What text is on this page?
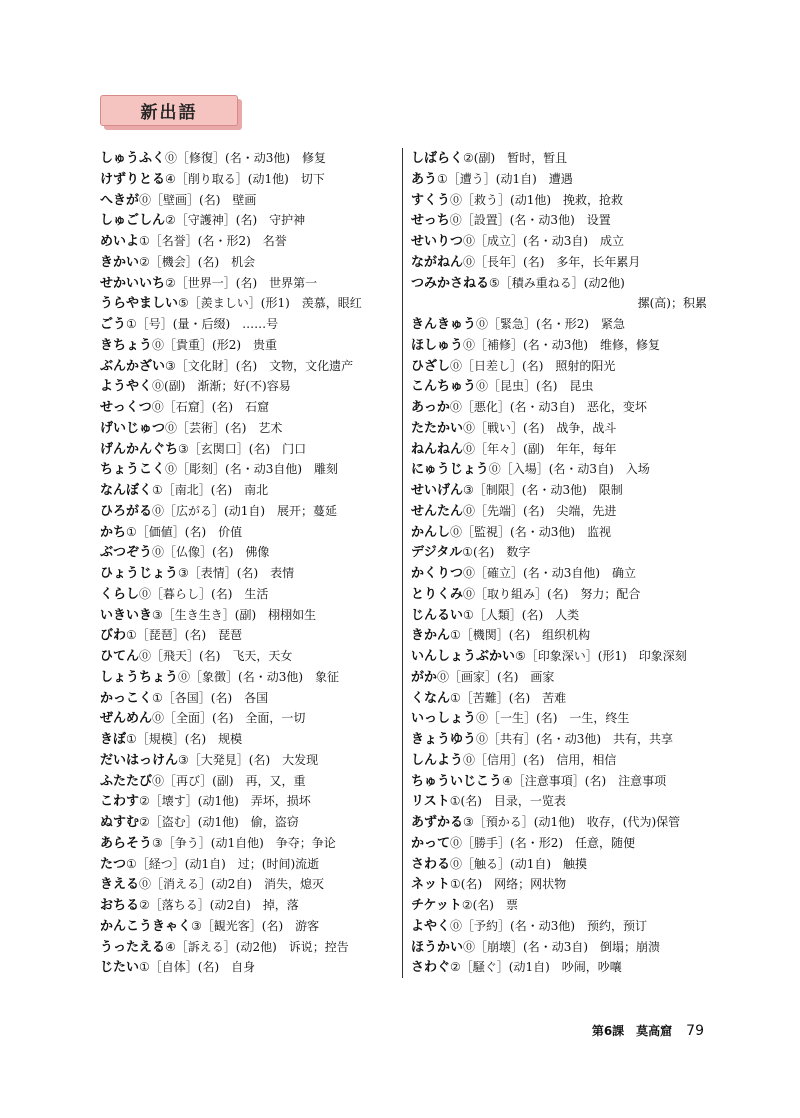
新出語
しゅうふく⓪［修復］(名・动3他)　修复
けずりとる④［削り取る］(动1他)　切下
へきが⓪［壁画］(名)　壁画
しゅごしん②［守護神］(名)　守护神
めいよ①［名誉］(名・形2)　名誉
きかい②［機会］(名)　机会
せかいいち②［世界一］(名)　世界第一
うらやましい⑤［羨ましい］(形1)　羡慕，眼红
ごう①［号］(量・后缀)　……号
きちょう⓪［貴重］(形2)　贵重
ぶんかざい③［文化財］(名)　文物，文化遗产
ようやく⓪(副)　渐渐；好(不)容易
せっくつ⓪［石窟］(名)　石窟
げいじゅつ⓪［芸術］(名)　艺术
げんかんぐち③［玄関口］(名)　门口
ちょうこく⓪［彫刻］(名・动3自他)　雕刻
なんぼく①［南北］(名)　南北
ひろがる⓪［広がる］(动1自)　展开；蔓延
かち①［価値］(名)　价值
ぶつぞう⓪［仏像］(名)　佛像
ひょうじょう③［表情］(名)　表情
くらし⓪［暮らし］(名)　生活
いきいき③［生き生き］(副)　栩栩如生
びわ①［琵琶］(名)　琵琶
ひてん⓪［飛天］(名)　飞天，天女
しょうちょう⓪［象徴］(名・动3他)　象征
かっこく①［各国］(名)　各国
ぜんめん⓪［全面］(名)　全面，一切
きぼ①［規模］(名)　规模
だいはっけん③［大発見］(名)　大发现
ふたたび⓪［再び］(副)　再，又，重
こわす②［壊す］(动1他)　弄坏，损坏
ぬすむ②［盗む］(动1他)　偷，盗窃
あらそう③［争う］(动1自他)　争夺；争论
たつ①［経つ］(动1自)　过；(时间)流逝
きえる⓪［消える］(动2自)　消失，熄灭
おちる②［落ちる］(动2自)　掉，落
かんこうきゃく③［観光客］(名)　游客
うったえる④［訴える］(动2他)　诉说；控告
じたい①［自体］(名)　自身
しばらく②(副)　暂时，暂且
あう①［遭う］(动1自)　遭遇
すくう⓪［救う］(动1他)　挽救，抢救
せっち⓪［設置］(名・动3他)　设置
せいりつ⓪［成立］(名・动3自)　成立
ながねん⓪［長年］(名)　多年，长年累月
つみかさねる⑤［積み重ねる］(动2他)
摞(高)；积累
きんきゅう⓪［緊急］(名・形2)　紧急
ほしゅう⓪［補修］(名・动3他)　维修，修复
ひざし⓪［日差し］(名)　照射的阳光
こんちゅう⓪［昆虫］(名)　昆虫
あっか⓪［悪化］(名・动3自)　恶化，变坏
たたかい⓪［戦い］(名)　战争，战斗
ねんねん⓪［年々］(副)　年年，每年
にゅうじょう⓪［入場］(名・动3自)　入场
せいげん③［制限］(名・动3他)　限制
せんたん⓪［先端］(名)　尖端，先进
かんし⓪［監視］(名・动3他)　监视
デジタル①(名)　数字
かくりつ⓪［確立］(名・动3自他)　确立
とりくみ⓪［取り組み］(名)　努力；配合
じんるい①［人類］(名)　人类
きかん①［機関］(名)　组织机构
いんしょうぶかい⑤［印象深い］(形1)　印象深刻
がか⓪［画家］(名)　画家
くなん①［苦難］(名)　苦难
いっしょう⓪［一生］(名)　一生，终生
きょうゆう⓪［共有］(名・动3他)　共有，共享
しんよう⓪［信用］(名)　信用，相信
ちゅういじこう④［注意事項］(名)　注意事项
リスト①(名)　目录，一览表
あずかる③［預かる］(动1他)　收存，(代为)保管
かって⓪［勝手］(名・形2)　任意，随便
さわる⓪［触る］(动1自)　触摸
ネット①(名)　网络；网状物
チケット②(名)　票
よやく⓪［予約］(名・动3他)　预约，预订
ほうかい⓪［崩壊］(名・动3自)　倒塌；崩溃
さわぐ②［騒ぐ］(动1自)　吵闹，吵嚷
第6課　莫高窟 79
